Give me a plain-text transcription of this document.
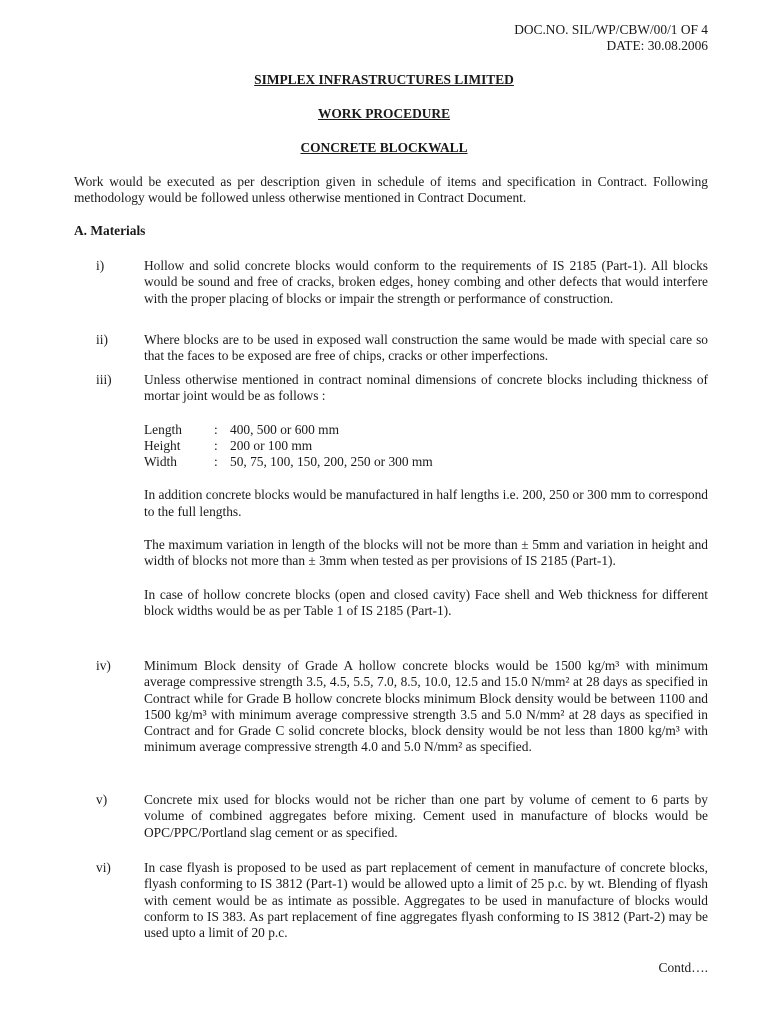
DOC.NO. SIL/WP/CBW/00/1 OF 4
DATE: 30.08.2006
SIMPLEX INFRASTRUCTURES LIMITED
WORK PROCEDURE
CONCRETE BLOCKWALL
Work would be executed as per description given in schedule of items and specification in Contract. Following methodology would be followed unless otherwise mentioned in Contract Document.
A. Materials
i)	Hollow and solid concrete blocks would conform to the requirements of IS 2185 (Part-1). All blocks would be sound and free of cracks, broken edges, honey combing and other defects that would interfere with the proper placing of blocks or impair the strength or performance of construction.
ii)	Where blocks are to be used in exposed wall construction the same would be made with special care so that the faces to be exposed are free of chips, cracks or other imperfections.
iii) Unless otherwise mentioned in contract nominal dimensions of concrete blocks including thickness of mortar joint would be as follows :

Length : 400, 500 or 600 mm
Height	: 200 or 100 mm
Width	: 50, 75, 100, 150, 200, 250 or 300 mm

In addition concrete blocks would be manufactured in half lengths i.e. 200, 250 or 300 mm to correspond to the full lengths.

The maximum variation in length of the blocks will not be more than ± 5mm and variation in height and width of blocks not more than ± 3mm when tested as per provisions of IS 2185 (Part-1).

In case of hollow concrete blocks (open and closed cavity) Face shell and Web thickness for different block widths would be as per Table 1 of IS 2185 (Part-1).

iv) Minimum Block density of Grade A hollow concrete blocks would be 1500 kg/m³ with minimum average compressive strength 3.5, 4.5, 5.5, 7.0, 8.5, 10.0, 12.5 and 15.0 N/mm² at 28 days as specified in Contract while for Grade B hollow concrete blocks minimum Block density would be between 1100 and 1500 kg/m³ with minimum average compressive strength 3.5 and 5.0 N/mm² at 28 days as specified in Contract and for Grade C solid concrete blocks, block density would be not less than 1800 kg/m³ with minimum average compressive strength 4.0 and 5.0 N/mm² as specified.
v)	Concrete mix used for blocks would not be richer than one part by volume of cement to 6 parts by volume of combined aggregates before mixing. Cement used in manufacture of blocks would be OPC/PPC/Portland slag cement or as specified.
vi) In case flyash is proposed to be used as part replacement of cement in manufacture of concrete blocks, flyash conforming to IS 3812 (Part-1) would be allowed upto a limit of 25 p.c. by wt. Blending of flyash with cement would be as intimate as possible. Aggregates to be used in manufacture of blocks would conform to IS 383. As part replacement of fine aggregates flyash conforming to IS 3812 (Part-2) may be used upto a limit of 20 p.c.
Contd….
